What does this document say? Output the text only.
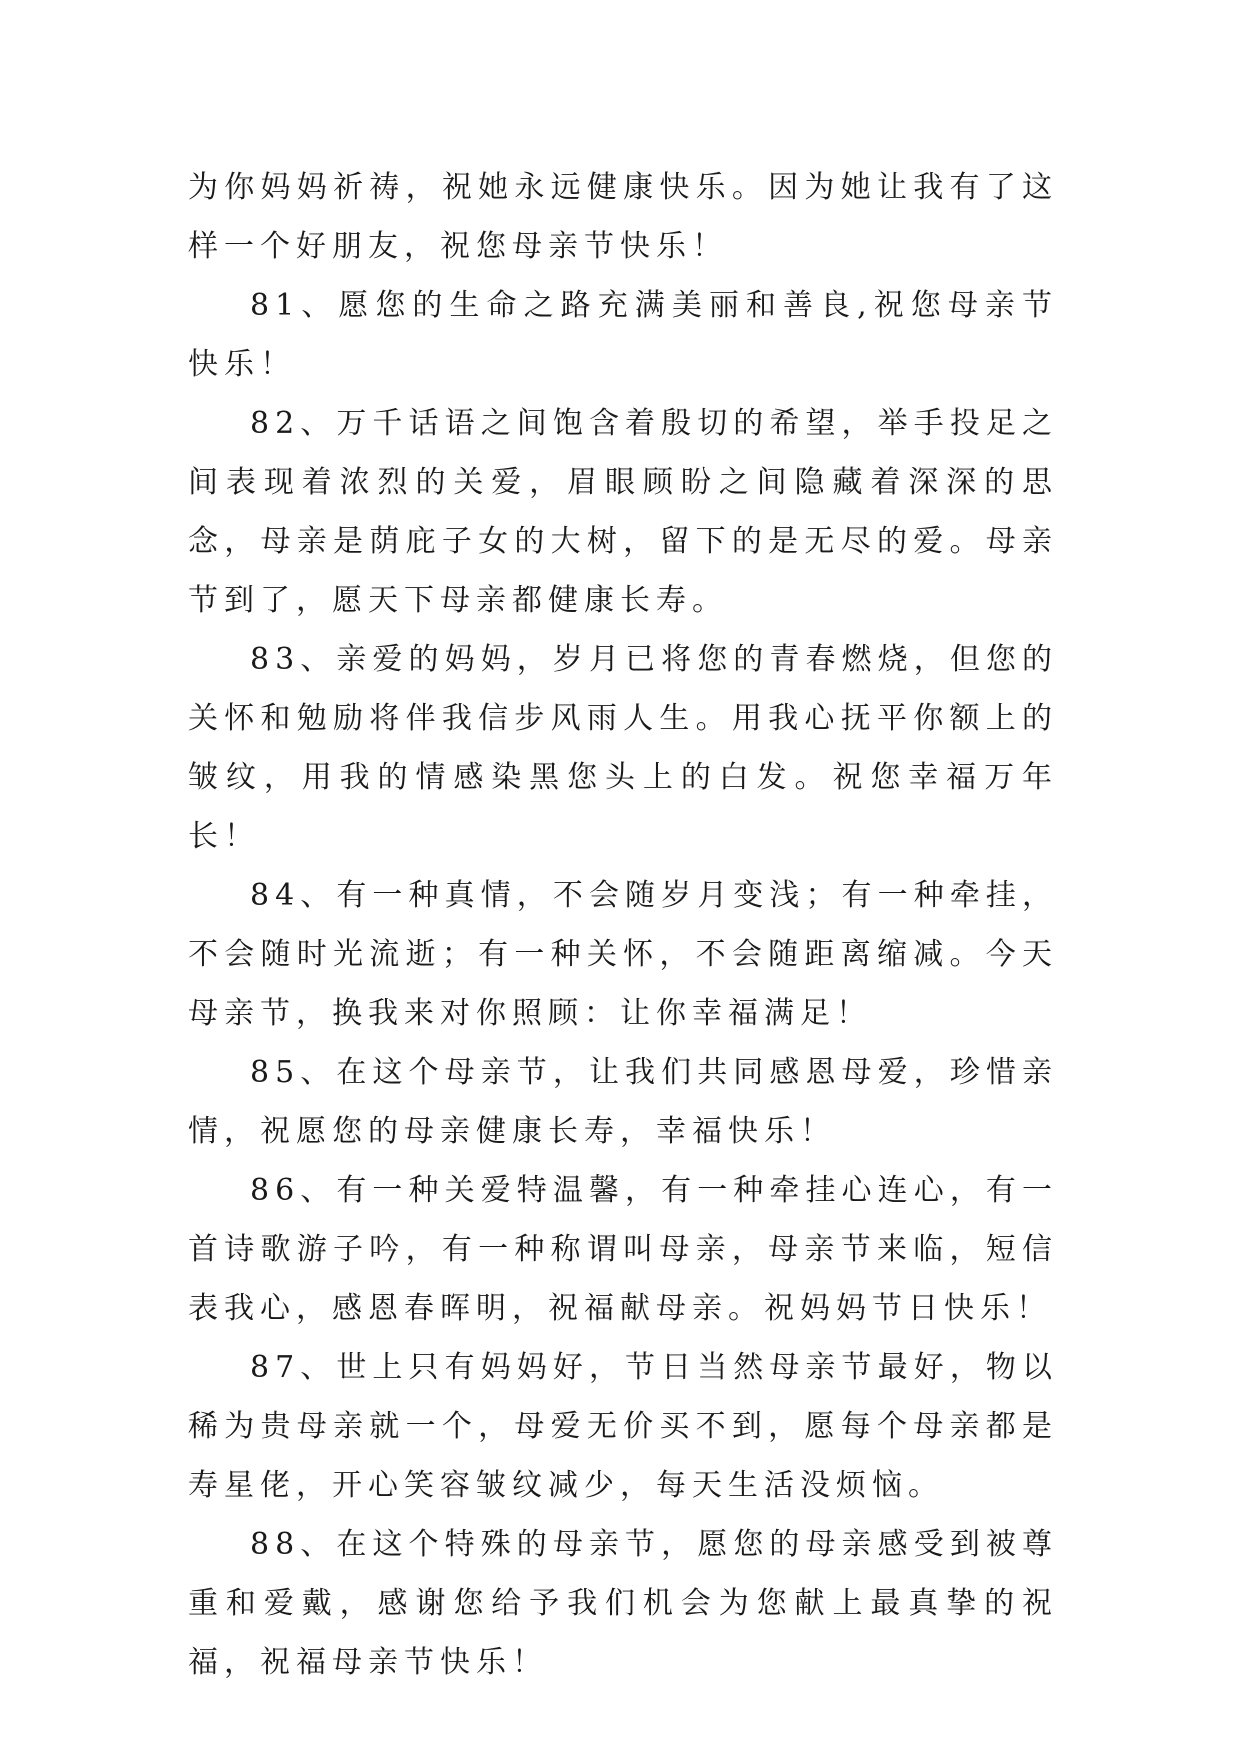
为你妈妈祈祷，祝她永远健康快乐。因为她让我有了这样一个好朋友，祝您母亲节快乐！

81、愿您的生命之路充满美丽和善良,祝您母亲节快乐！

82、万千话语之间饱含着殷切的希望，举手投足之间表现着浓烈的关爱，眉眼顾盼之间隐藏着深深的思念，母亲是荫庇子女的大树，留下的是无尽的爱。母亲节到了，愿天下母亲都健康长寿。

83、亲爱的妈妈，岁月已将您的青春燃烧，但您的关怀和勉励将伴我信步风雨人生。用我心抚平你额上的皱纹，用我的情感染黑您头上的白发。祝您幸福万年长！

84、有一种真情，不会随岁月变浅；有一种牵挂，不会随时光流逝；有一种关怀，不会随距离缩减。今天母亲节，换我来对你照顾：让你幸福满足！

85、在这个母亲节，让我们共同感恩母爱，珍惜亲情，祝愿您的母亲健康长寿，幸福快乐！

86、有一种关爱特温馨，有一种牵挂心连心，有一首诗歌游子吟，有一种称谓叫母亲，母亲节来临，短信表我心，感恩春晖明，祝福献母亲。祝妈妈节日快乐！

87、世上只有妈妈好，节日当然母亲节最好，物以稀为贵母亲就一个，母爱无价买不到，愿每个母亲都是寿星佬，开心笑容皱纹减少，每天生活没烦恼。

88、在这个特殊的母亲节，愿您的母亲感受到被尊重和爱戴，感谢您给予我们机会为您献上最真挚的祝福，祝福母亲节快乐！
